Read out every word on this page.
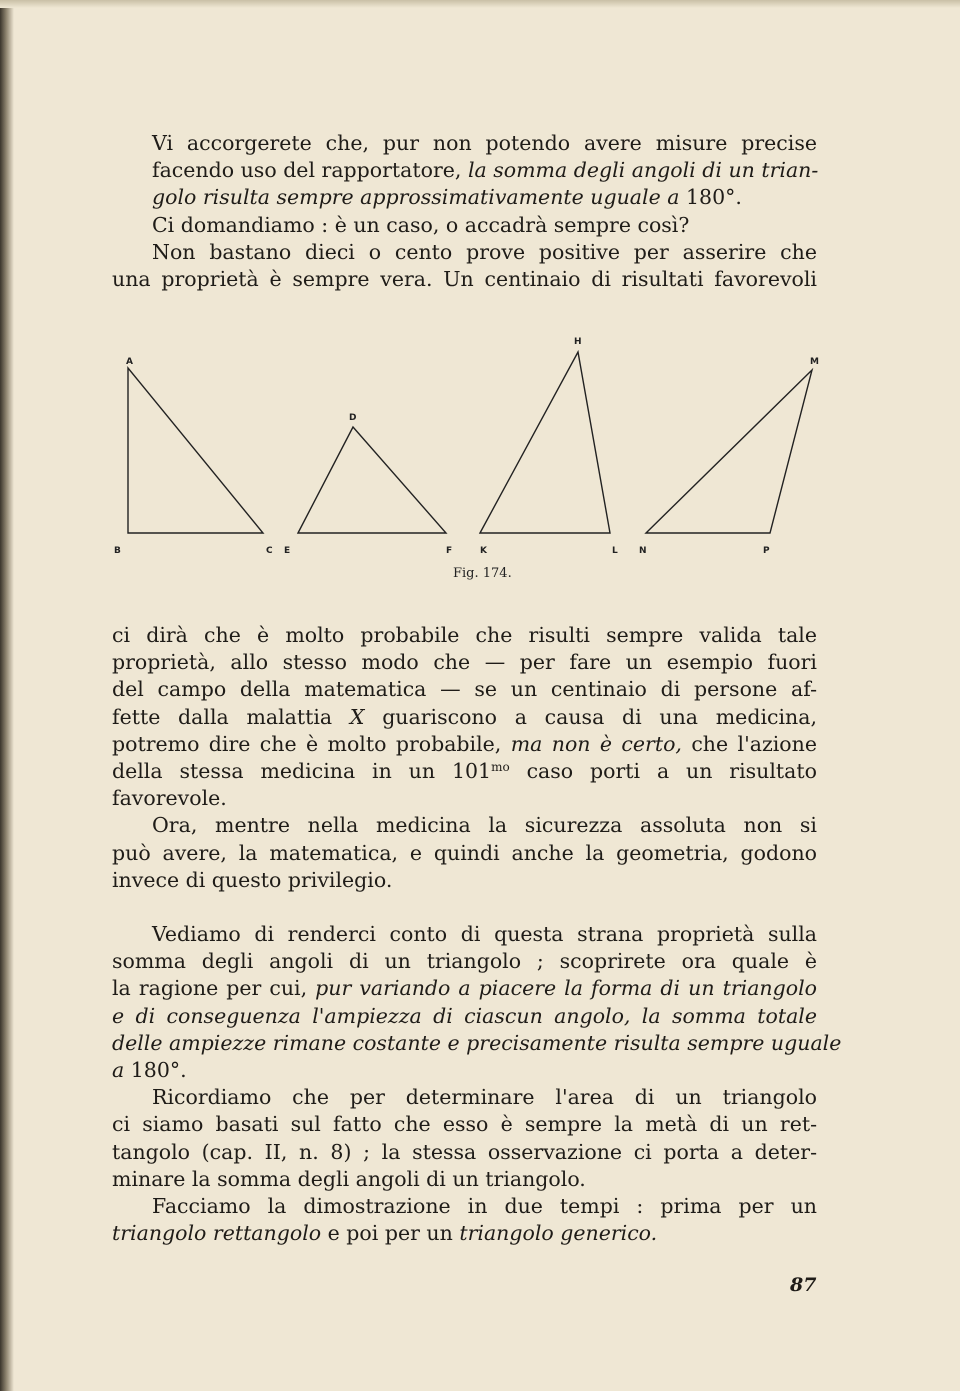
Vi accorgerete che, pur non potendo avere misure precise
facendo uso del rapportatore, la somma degli angoli di un trian-
golo risulta sempre approssimativamente uguale a 180°.

Ci domandiamo : è un caso, o accadrà sempre così?

Non bastano dieci o cento prove positive per asserire che
una proprietà è sempre vera. Un centinaio di risultati favorevoli

A
B	C E
D
F
H
K	L N
M
P
Fig. 174.

ci dirà che è molto probabile che risulti sempre valida tale
proprietà, allo stesso modo che — per fare un esempio fuori
del campo della matematica — se un centinaio di persone af-
fette dalla malattia X guariscono a causa di una medicina,
potremo dire che è molto probabile, ma non è certo, che l'azione
della stessa medicina in un $101^{mo}$ caso porti a un risultato
favorevole.

Ora, mentre nella medicina la sicurezza assoluta non si
può avere, la matematica, e quindi anche la geometria, godono
invece di questo privilegio.

Vediamo di renderci conto di questa strana proprietà sulla
somma degli angoli di un triangolo ; scoprirete ora quale è
la ragione per cui, pur variando a piacere la forma di un triangolo
e di conseguenza l'ampiezza di ciascun angolo, la somma totale
delle ampiezze rimane costante e precisamente risulta sempre uguale
a 180°.

Ricordiamo che per determinare l'area di un triangolo
ci siamo basati sul fatto che esso è sempre la metà di un ret-
tangolo (cap. II, n. 8) ; la stessa osservazione ci porta a deter-
minare la somma degli angoli di un triangolo.

Facciamo la dimostrazione in due tempi : prima per un
triangolo rettangolo e poi per un triangolo generico.

87
